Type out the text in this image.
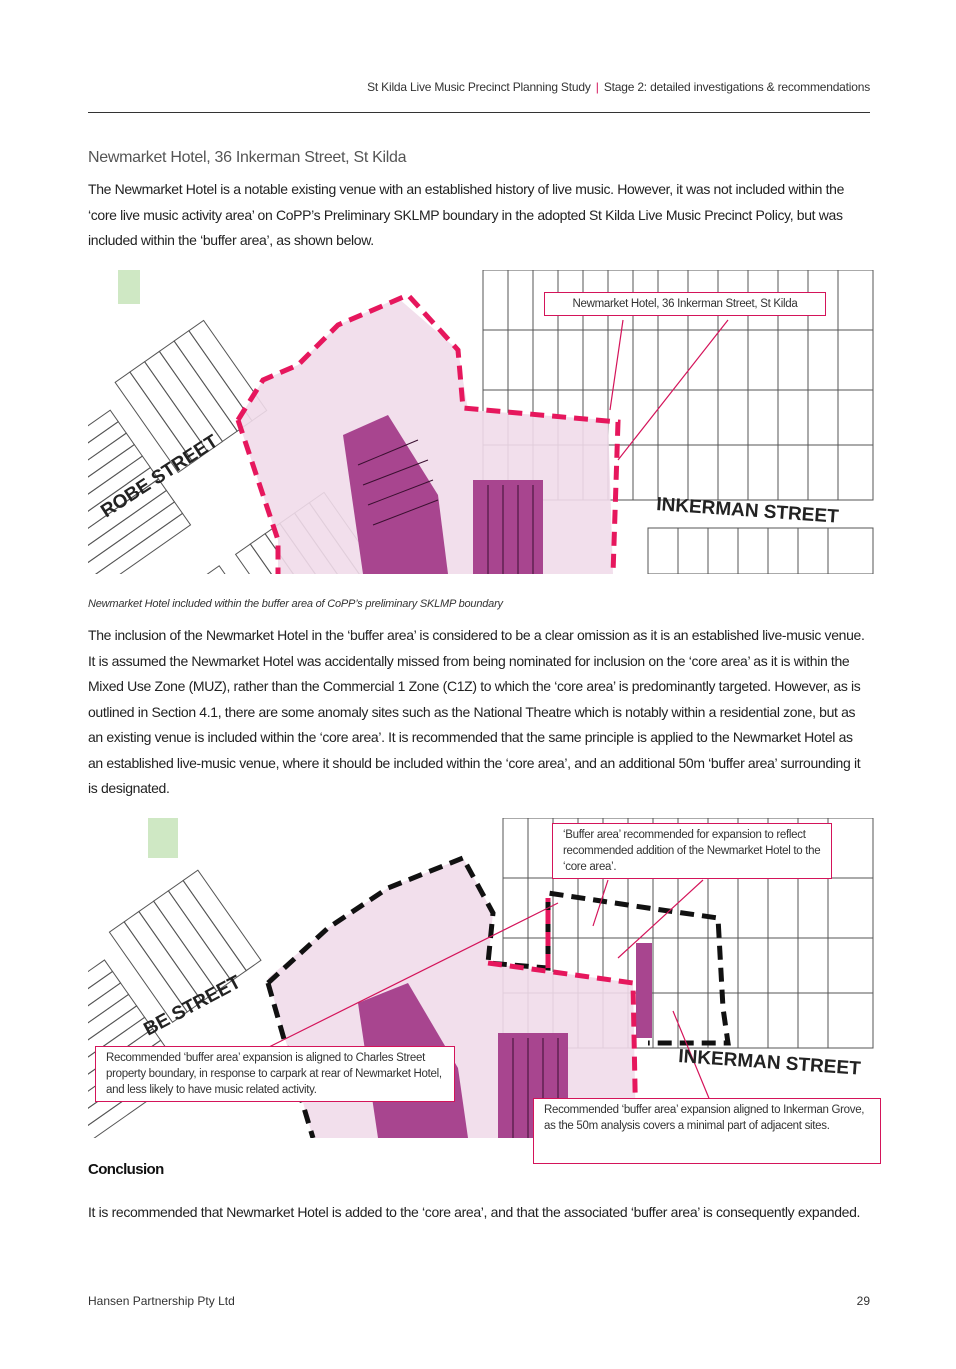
St Kilda Live Music Precinct Planning Study | Stage 2: detailed investigations & recommendations
Newmarket Hotel, 36 Inkerman Street, St Kilda
The Newmarket Hotel is a notable existing venue with an established history of live music. However, it was not included within the ‘core live music activity area’ on CoPP’s Preliminary SKLMP boundary in the adopted St Kilda Live Music Precinct Policy, but was included within the ‘buffer area’, as shown below.
ROBE STREET	INKERMAN STREET
Newmarket Hotel, 36 Inkerman Street, St Kilda
Newmarket Hotel included within the buffer area of CoPP’s preliminary SKLMP boundary
The inclusion of the Newmarket Hotel in the ‘buffer area’ is considered to be a clear omission as it is an established live-music venue. It is assumed the Newmarket Hotel was accidentally missed from being nominated for inclusion on the ‘core area’ as it is within the Mixed Use Zone (MUZ), rather than the Commercial 1 Zone (C1Z) to which the ‘core area’ is predominantly targeted. However, as is outlined in Section 4.1, there are some anomaly sites such as the National Theatre which is notably within a residential zone, but as an existing venue is included within the ‘core area’. It is recommended that the same principle is applied to the Newmarket Hotel as an established live-music venue, where it should be included within the ‘core area’, and an additional 50m ‘buffer area’ surrounding it is designated.
BE STREET
INKERMAN STREET
‘Buffer area’ recommended for expansion to reflect recommended addition of the Newmarket Hotel to the ‘core area’.
Recommended ‘buffer area’ expansion is aligned to Charles Street property boundary, in response to carpark at rear of Newmarket Hotel, and less likely to have music related activity.
Recommended ‘buffer area’ expansion aligned to Inkerman Grove, as the 50m analysis covers a minimal part of adjacent sites.
Conclusion
It is recommended that Newmarket Hotel is added to the ‘core area’, and that the associated ‘buffer area’ is consequently expanded.
Hansen Partnership Pty Ltd	29
